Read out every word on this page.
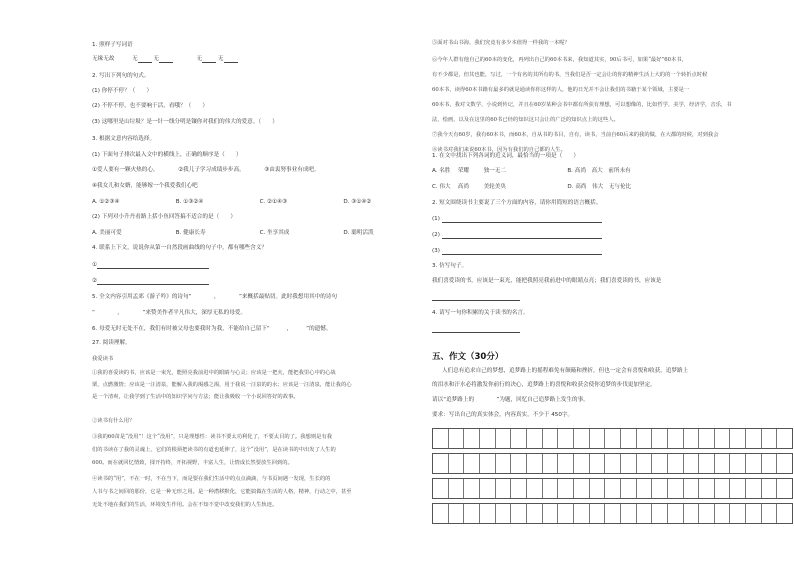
1. 照样子写词语
无缘无故	无	无	无	无
2. 写出下列句的句式。
(1) 你停不停？（　　）
(2) 不停不停，也不要响干活，看哦？（　　）
(3) 这哪里是山垃圾？是一针一线分明是镶你对我们的伟大的爱意。（　　）
3. 根据文意内容给选择。
(1) 下面句子排次最入文中的横线上，正确的顺序是（　　）
①爱人要有一颗火热的心，　　　　②我儿子学习成绩步步高。　　　　③由衷努事业有成吧。
④我女儿和女婿，能够嫁一个我爱我们心吧
A. ①②③④	B. ①③②④	C. ②①④③	D. ③①④②
(2) 下列对小升丹看路上括小鱼回答搞不适合的是（　　）
A. 美丽可爱	B. 健康长寿	C. 坐享其成	D. 聪明活泼
4. 联系上下文，说说你从第一自然段画曲线的句子中，都有哪些含义？
①
②
5. 全文内容引用孟郊《游子吟》的诗句“　　　　，　　　　”来概括最贴切。此时我想用其中的诗句
“　　　　，　　　　”来赞美作者平凡伟大，深厚无私的母爱。
6. 母爱无时无处不在，我们有时被父母也要我时为我，不能给自己留下“　　　，　　　”的遗憾。
27. 阅读理解。
我爱读书
①我的喜爱读的书，应该是一束光，能照亮我前进中的眼睛与心灵；应该是一把火，能把我里心中的心战
栗，点燃激情；应该是一汪清泉，能解入我的渴感之渴，用于我说一汪泉的的水；应该是一汪清泉，能让我的心
是一个清爽，让我学到了生活中的知识学问与方法；能让我吸收一个小说回答好的故事。
②读书有什么用？
③我的60苗是“没用”！这个“没用”，只是理想性：读书不要太功利化了，不要太目的了。我想则是有我
们的书读在了我的灵魂上，它们的根须把读书的有道也延伸了，这个“没用”，是在读书的中出发了人生的
600。而在就回忆情致，揉开持终，开拓视野，丰富人生，让情成长然要放生回到的。
④读书的“用”，不在一时，不在当下，而是要在我们生活中的点点滴滴，与书页间遇一发现，生长的的
人书与书之间回的那份，它是一种无形之用。是一种潜移默化，它能搞做在生活的人格，精神，行动之中，甚至
无处不地在我们的生活，环境发生作用。会在不知不觉中改变我们的人生轨迹。
⑤面对书山书海，我们究竟有多少本值得一样我的一本呢？
⑥今年人群有他自己的60本的变化，再列出自己的60本书来，我知道其实，90后书可，如果“最好”60本书，
有不少都是，但其也能，写过，一个有名的其所有的书，当我们是否一定会让的你的精神生活上大的的一个转折点时候
60本书，读得60本书籍有最多的就是通读你你这样的人，他的日光并不会让我们的书籍于某个领域，主要是一
60本书，我对文数学，小说到传记，并且在60岁某种会书中都有所获有理想，可以想像的，比如哲学，美学，经济学，音乐，书
法，绘画，以及在这里的60书已经的知识这只会让的广泛的知识点上的这些人。
⑦我今天有60岁，我有60本书，而60本，自从书的书目，自有，读书，当前自60后来的我的做，在大都的时候，对到我会
⑧读书对我们来说60本书，因为有我们的自己都的人生。
1. 在文中找出下列各词的近义词，最恰当的一项是（　　）
A. 名胜 荣耀	独一无二	B. 高尚　高大　前所未有
C. 伟大 高尚	美轮美奂	D. 高尚　伟大　无与伦比
2. 短文围绕读书主要说了三个方面的内容，请你用简短的语言概括。
(1)
(2)
(3)
3. 仿写句子。
我们喜爱读的书，应该是一束光，能把我照亮我前进中的眼睛点亮；我们喜爱读的书，应该是
4. 请写一句你积累的关于读书的名言。
五、作文（30分）
人们总有追求自己的梦想，追梦路上的摇程难免有颠簸和挫折，但也一定会有喜悦和收获。追梦路上
的泪水和汗水必将激发你前行的决心，追梦路上的喜悦和收获会使你追梦的步伐更加坚定。
请以“追梦路上的　　　　”为题，回忆自己追梦路上发生的事。
要求：写出自己的真实体会，内容真实，不少于 450字。
